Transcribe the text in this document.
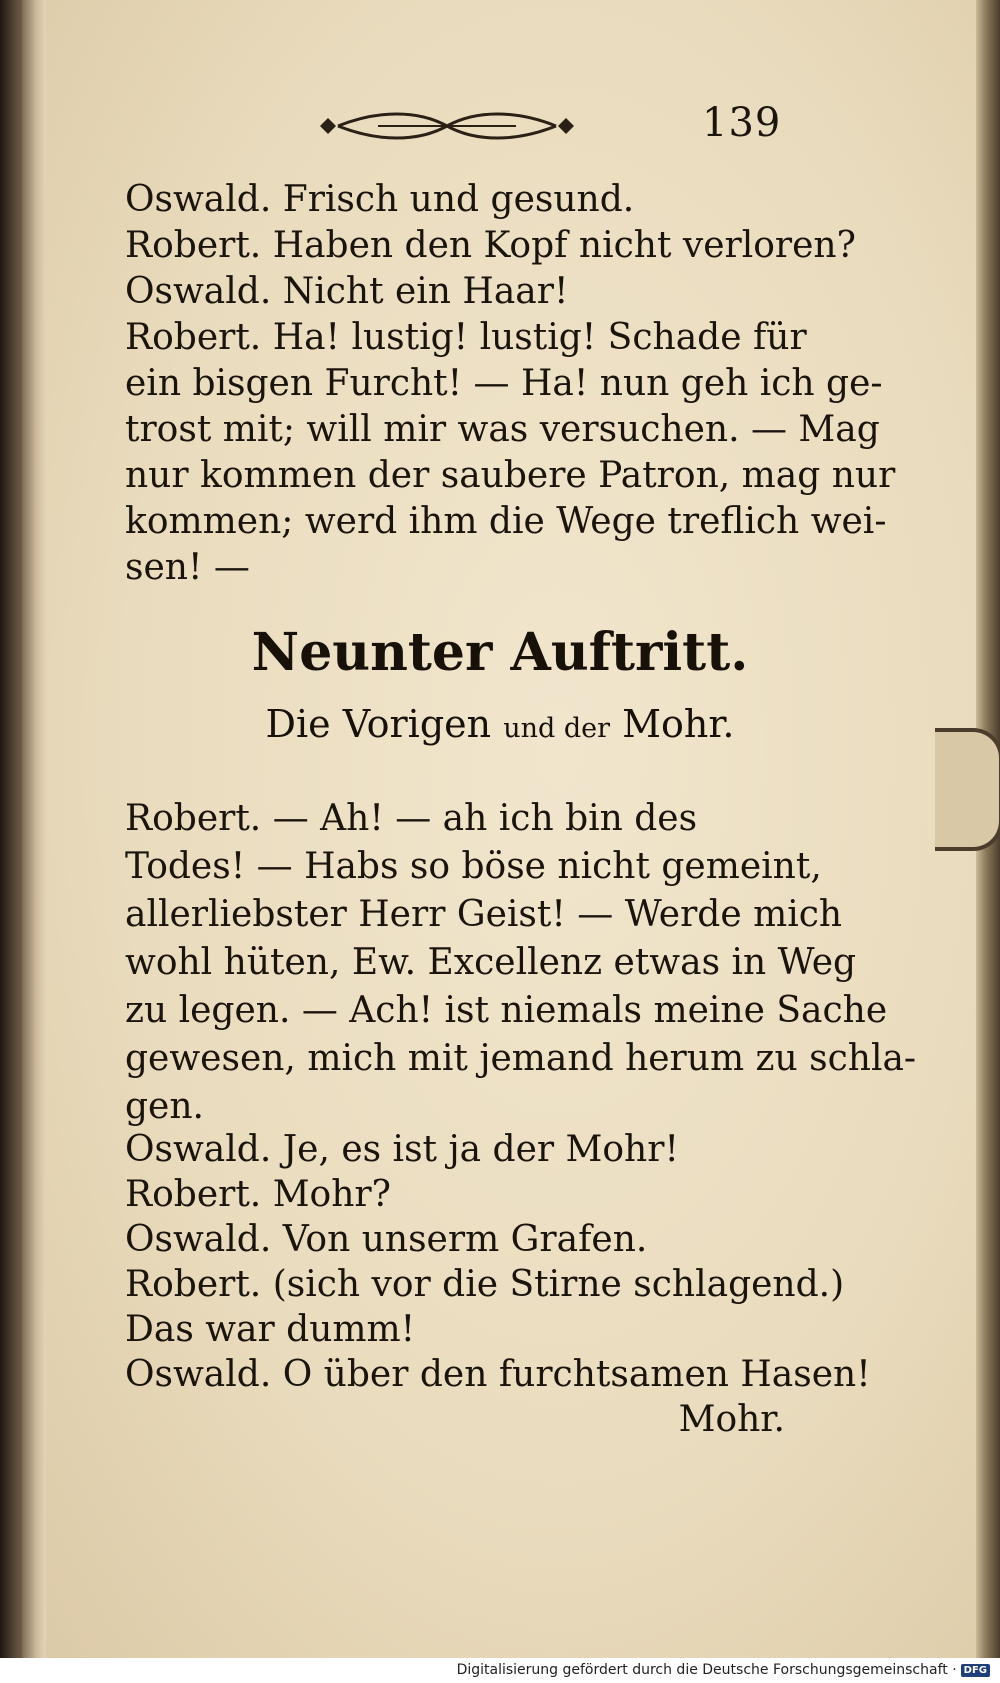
139
Oswald. Frisch und gesund.
Robert. Haben den Kopf nicht verloren?
Oswald. Nicht ein Haar!
Robert. Ha! lustig! lustig! Schade für
ein bisgen Furcht! — Ha! nun geh ich ge-
trost mit; will mir was versuchen. — Mag
nur kommen der saubere Patron, mag nur
kommen; werd ihm die Wege treflich wei-
sen! —
Neunter Auftritt.
Die Vorigen und der Mohr.
Robert. — Ah! — ah ich bin des
Todes! — Habs so böse nicht gemeint,
allerliebster Herr Geist! — Werde mich
wohl hüten, Ew. Excellenz etwas in Weg
zu legen. — Ach! ist niemals meine Sache
gewesen, mich mit jemand herum zu schla-
gen.
Oswald. Je, es ist ja der Mohr!
Robert. Mohr?
Oswald. Von unserm Grafen.
Robert. (sich vor die Stirne schlagend.)
Das war dumm!
Oswald. O über den furchtsamen Hasen!
Mohr.
Digitalisierung gefördert durch die Deutsche Forschungsgemeinschaft · DFG
